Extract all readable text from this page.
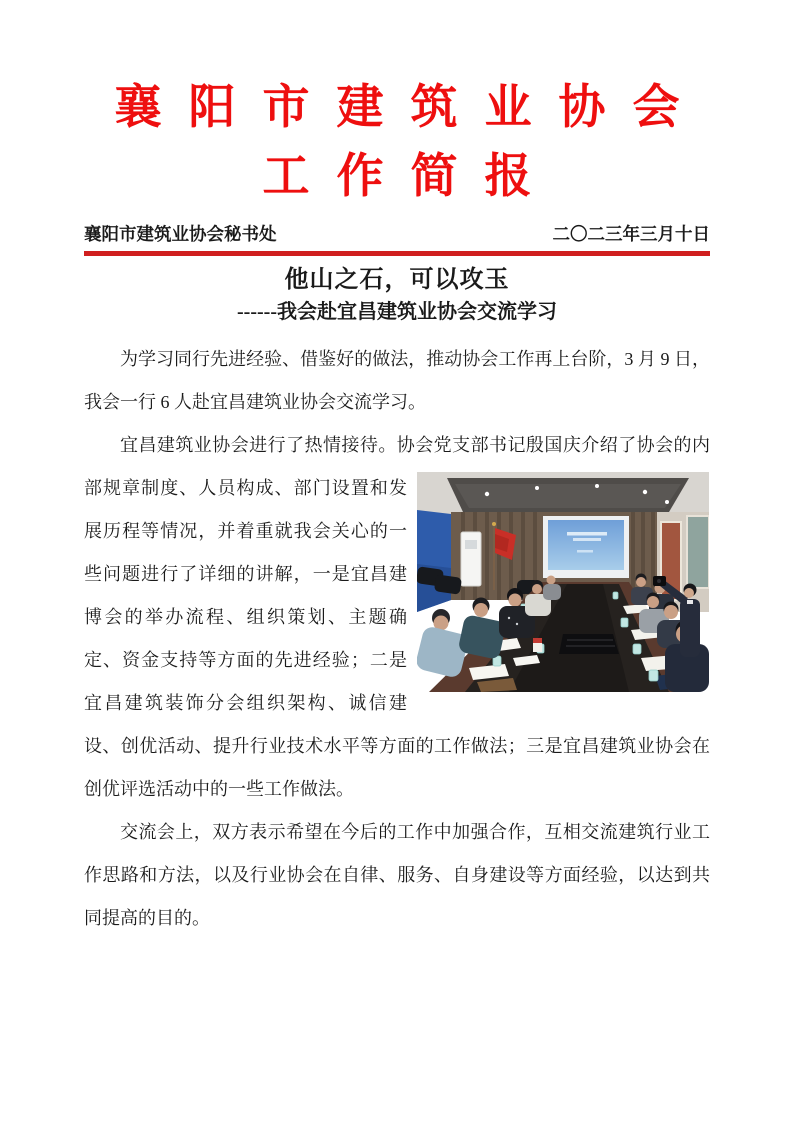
襄阳市建筑业协会
工作简报
襄阳市建筑业协会秘书处	二〇二三年三月十日
他山之石，可以攻玉
------我会赴宜昌建筑业协会交流学习

为学习同行先进经验、借鉴好的做法，推动协会工作再上台阶，3 月 9 日，我会一行 6 人赴宜昌建筑业协会交流学习。

宜昌建筑业协会进行了热情接待。协会党支部书记殷国庆介绍了协
会的内部规章制度、人员构成、部门设置和发展历程等情况，并着重就我会关心的一些问题进行了详细的讲解，一是宜昌建博会的举办流程、组织策划、主题确定、资金支持等方面的先进经验；二是宜昌建筑装饰分会组织架构、诚信建设、创优活动、提升行业技术水平等方面的工作做法；三是宜昌建筑业协会在创优评选活动中的一些工作做法。

交流会上，双方表示希望在今后的工作中加强合作，互相交流建筑行业工作思路和方法，以及行业协会在自律、服务、自身建设等方面经验，以达到共同提高的目的。
